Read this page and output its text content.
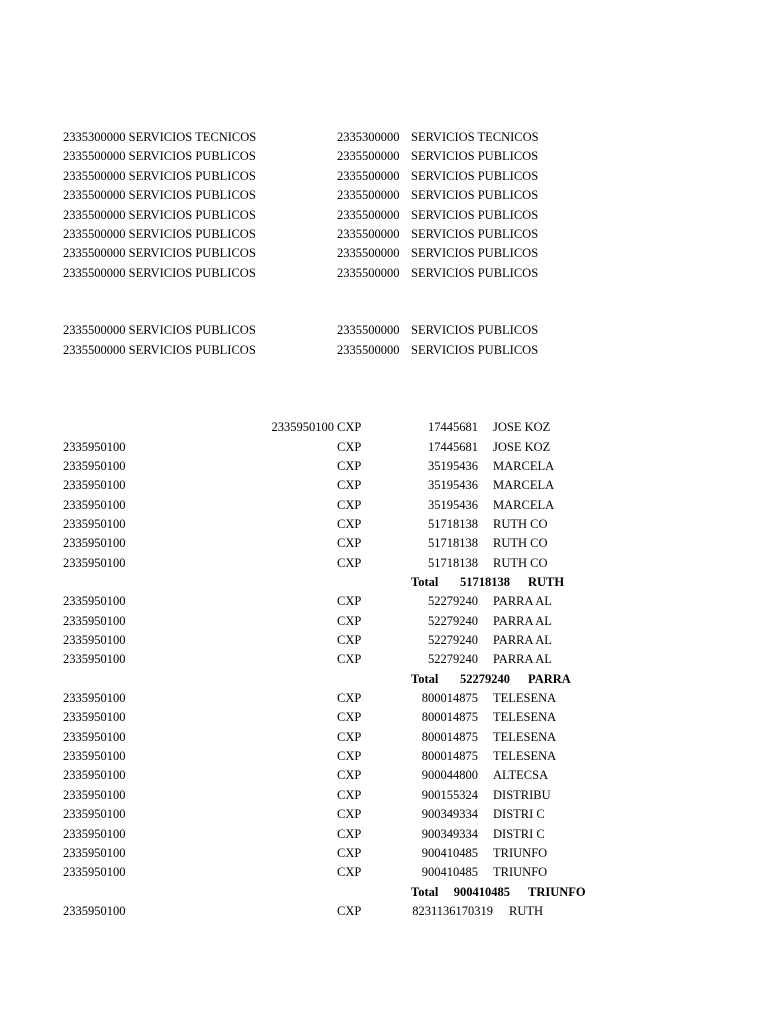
2335300000 SERVICIOS TECNICOS	2335300000 SERVICIOS TECNICOS
2335500000 SERVICIOS PUBLICOS	2335500000 SERVICIOS PUBLICOS
2335500000 SERVICIOS PUBLICOS	2335500000 SERVICIOS PUBLICOS
2335500000 SERVICIOS PUBLICOS	2335500000 SERVICIOS PUBLICOS
2335500000 SERVICIOS PUBLICOS	2335500000 SERVICIOS PUBLICOS
2335500000 SERVICIOS PUBLICOS	2335500000 SERVICIOS PUBLICOS
2335500000 SERVICIOS PUBLICOS	2335500000 SERVICIOS PUBLICOS
2335500000 SERVICIOS PUBLICOS	2335500000 SERVICIOS PUBLICOS
2335500000 SERVICIOS PUBLICOS	2335500000 SERVICIOS PUBLICOS
2335500000 SERVICIOS PUBLICOS	2335500000 SERVICIOS PUBLICOS
2335950100 CXP	17445681 JOSE KOZ
2335950100	CXP	17445681 JOSE KOZ
2335950100	CXP	35195436 MARCELA
2335950100	CXP	35195436 MARCELA
2335950100	CXP	35195436 MARCELA
2335950100	CXP	51718138 RUTH CO
2335950100	CXP	51718138 RUTH CO
2335950100	CXP	51718138 RUTH CO
Total	51718138 RUTH
2335950100	CXP	52279240 PARRA AL
2335950100	CXP	52279240 PARRA AL
2335950100	CXP	52279240 PARRA AL
2335950100	CXP	52279240 PARRA AL
Total	52279240 PARRA
2335950100	CXP	800014875 TELESENA
2335950100	CXP	800014875 TELESENA
2335950100	CXP	800014875 TELESENA
2335950100	CXP	800014875 TELESENA
2335950100	CXP	900044800 ALTECSA
2335950100	CXP	900155324 DISTRIBU
2335950100	CXP	900349334 DISTRI C
2335950100	CXP	900349334 DISTRI C
2335950100	CXP	900410485 TRIUNFO
2335950100	CXP	900410485 TRIUNFO
Total	900410485 TRIUNFO
2335950100	CXP	8231136170319 RUTH
